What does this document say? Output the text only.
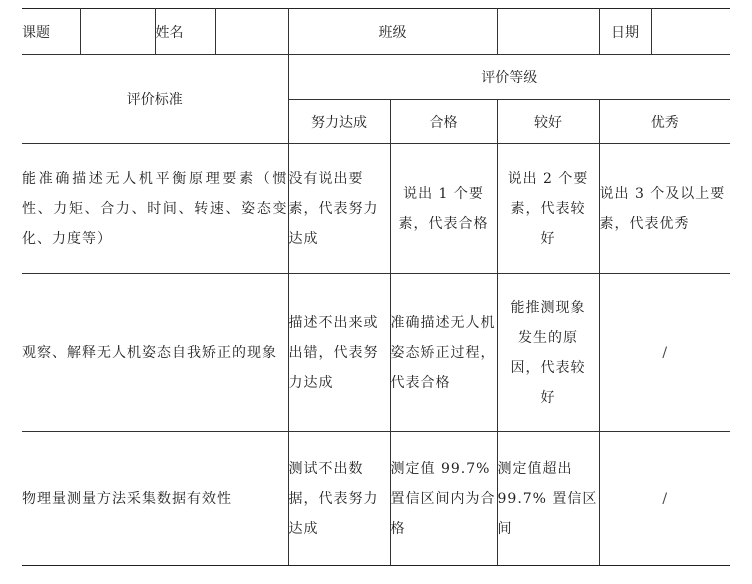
课题		姓名		班级			日期	
评价标准				评价等级				
				努力达成	合格	较好	优秀	
能准确描述无人机平衡原理要素（惯性、力矩、合力、时间、转速、姿态变化、力度等）				没有说出要素，代表努力达成	说出 1 个要素，代表合格	说出 2 个要素，代表较好	说出 3 个及以上要素，代表优秀	
观察、解释无人机姿态自我矫正的现象				描述不出来或出错，代表努力达成	准确描述无人机姿态矫正过程，代表合格	能推测现象发生的原因，代表较好	/	
物理量测量方法采集数据有效性				测试不出数据，代表努力达成	测定值 99.7% 置信区间内为合格	测定值超出 99.7% 置信区间	/	
